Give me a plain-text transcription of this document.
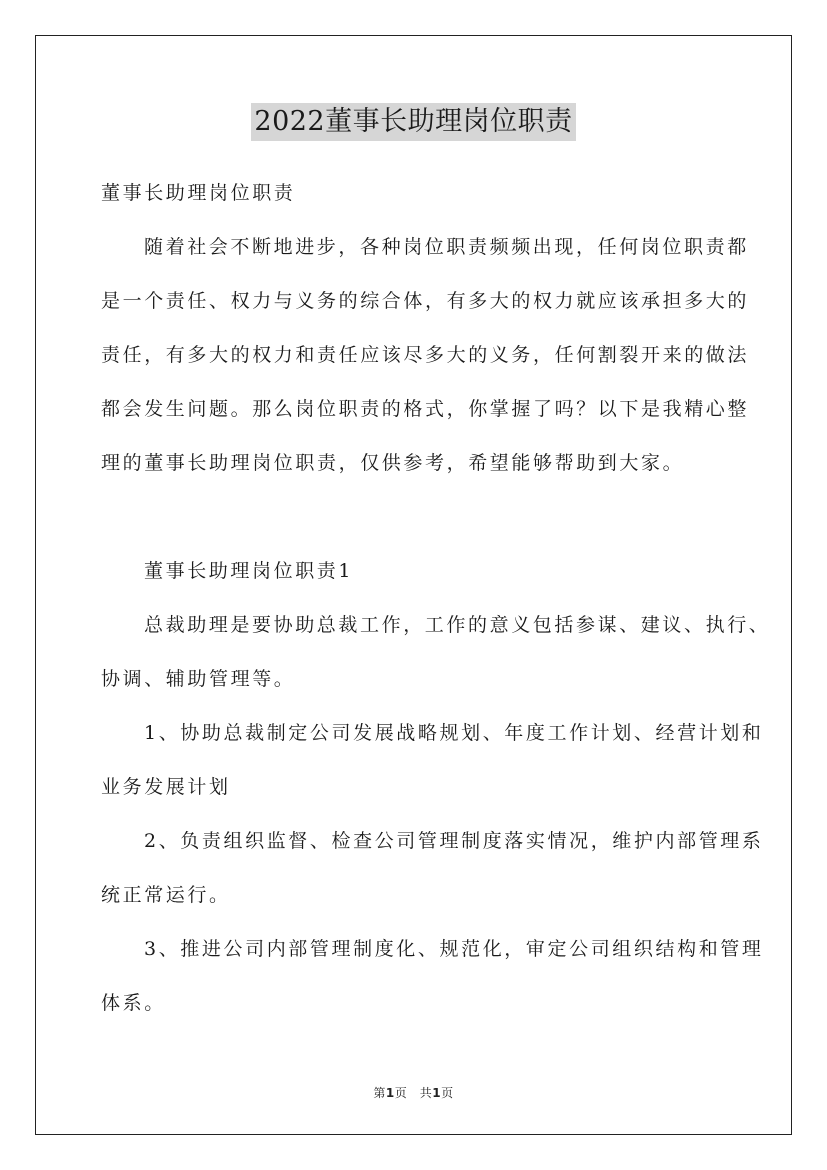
2022董事长助理岗位职责
董事长助理岗位职责
随着社会不断地进步，各种岗位职责频频出现，任何岗位职责都
是一个责任、权力与义务的综合体，有多大的权力就应该承担多大的
责任，有多大的权力和责任应该尽多大的义务，任何割裂开来的做法
都会发生问题。那么岗位职责的格式，你掌握了吗？以下是我精心整
理的董事长助理岗位职责，仅供参考，希望能够帮助到大家。
董事长助理岗位职责1
总裁助理是要协助总裁工作，工作的意义包括参谋、建议、执行、
协调、辅助管理等。
1、协助总裁制定公司发展战略规划、年度工作计划、经营计划和
业务发展计划
2、负责组织监督、检查公司管理制度落实情况，维护内部管理系
统正常运行。
3、推进公司内部管理制度化、规范化，审定公司组织结构和管理
体系。
第1页　共1页
